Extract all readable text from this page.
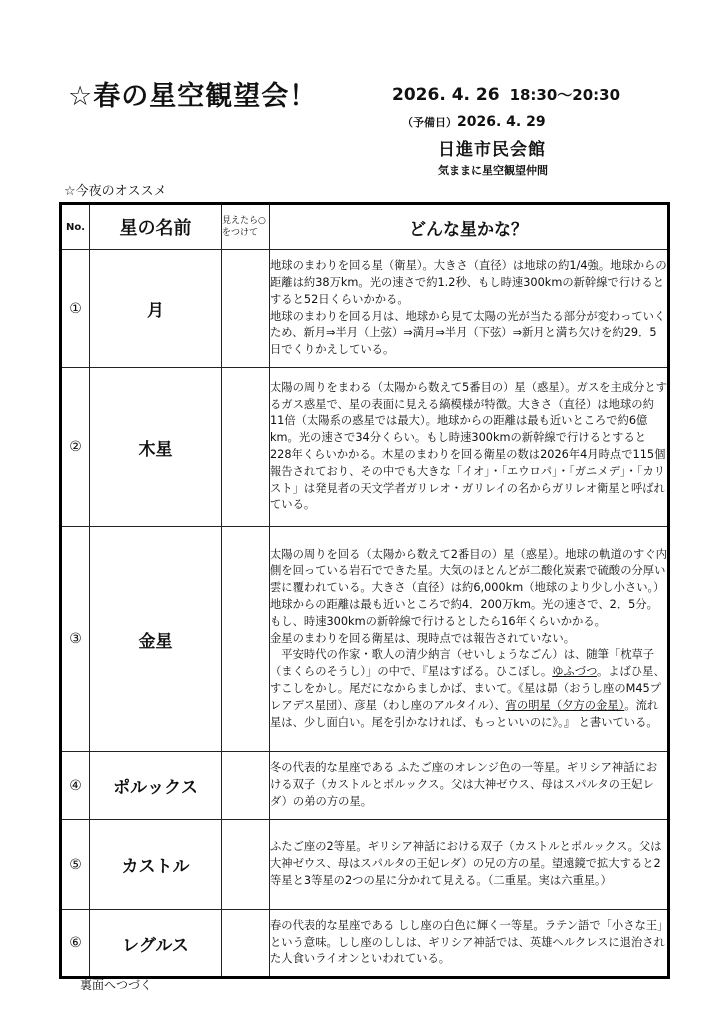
☆春の星空観望会！	2026. 4. 26 18:30～20:30
（予備日）2026. 4. 29
日進市民会館
気ままに星空観望仲間
☆今夜のオススメ
No.	星の名前	見えたら○をつけて	どんな星かな？
①	月		地球のまわりを回る星（衛星）。大きさ（直径）は地球の約1/4強。地球からの距離は約38万km。光の速さで約1.2秒、もし時速300kmの新幹線で行けるとすると52日くらいかかる。
地球のまわりを回る月は、地球から見て太陽の光が当たる部分が変わっていくため、新月⇒半月（上弦）⇒満月⇒半月（下弦）⇒新月と満ち欠けを約29．5日でくりかえしている。

②	木星		太陽の周りをまわる（太陽から数えて5番目の）星（惑星）。ガスを主成分とするガス惑星で、星の表面に見える縞模様が特徴。大きさ（直径）は地球の約11倍（太陽系の惑星では最大）。地球からの距離は最も近いところで約6億km。光の速さで34分くらい。もし時速300kmの新幹線で行けるとすると228年くらいかかる。木星のまわりを回る衛星の数は2026年4月時点で115個報告されており、その中でも大きな「イオ」・「エウロパ」・「ガニメデ」・「カリスト」は発見者の天文学者ガリレオ・ガリレイの名からガリレオ衛星と呼ばれている。

③	金星		太陽の周りを回る（太陽から数えて2番目の）星（惑星）。地球の軌道のすぐ内側を回っている岩石でできた星。大気のほとんどが二酸化炭素で硫酸の分厚い雲に覆われている。大きさ（直径）は約6,000km（地球のより少し小さい。）地球からの距離は最も近いところで約4．200万km。光の速さで、2．5分。もし、時速300kmの新幹線で行けるとしたら16年くらいかかる。
金星のまわりを回る衛星は、現時点では報告されていない。
　平安時代の作家・歌人の清少納言（せいしょうなごん）は、随筆「枕草子（まくらのそうし）」の中で、『星はすばる。ひこぼし。ゆふづつ。よばひ星、すこしをかし。尾だになからましかば、まいて。《星は昴（おうし座のM45プレアデス星団）、彦星（わし座のアルタイル）、宵の明星（夕方の金星）。流れ星は、少し面白い。尾を引かなければ、もっといいのに》。』 と書いている。

④	ポルックス		冬の代表的な星座である ふたご座のオレンジ色の一等星。ギリシア神話における双子（カストルとポルックス。父は大神ゼウス、母はスパルタの王妃レダ）の弟の方の星。

⑤	カストル		ふたご座の2等星。ギリシア神話における双子（カストルとポルックス。父は大神ゼウス、母はスパルタの王妃レダ）の兄の方の星。望遠鏡で拡大すると2等星と3等星の2つの星に分かれて見える。（二重星。実は六重星。）

⑥	レグルス		春の代表的な星座である しし座の白色に輝く一等星。ラテン語で「小さな王」という意味。しし座のししは、ギリシア神話では、英雄ヘルクレスに退治された人食いライオンといわれている。
裏面へつづく
